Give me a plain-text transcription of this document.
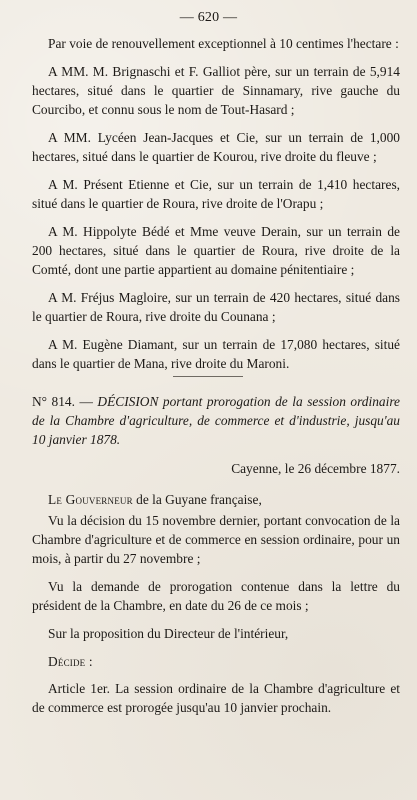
— 620 —

Par voie de renouvellement exceptionnel à 10 centimes l'hectare :

A MM. M. Brignaschi et F. Galliot père, sur un terrain de 5,914 hectares, situé dans le quartier de Sinnamary, rive gauche du Courcibo, et connu sous le nom de Tout-Hasard ;

A MM. Lycéen Jean-Jacques et Cie, sur un terrain de 1,000 hectares, situé dans le quartier de Kourou, rive droite du fleuve ;

A M. Présent Etienne et Cie, sur un terrain de 1,410 hectares, situé dans le quartier de Roura, rive droite de l'Orapu ;

A M. Hippolyte Bédé et Mme veuve Derain, sur un terrain de 200 hectares, situé dans le quartier de Roura, rive droite de la Comté, dont une partie appartient au domaine pénitentiaire ;

A M. Fréjus Magloire, sur un terrain de 420 hectares, situé dans le quartier de Roura, rive droite du Counana ;

A M. Eugène Diamant, sur un terrain de 17,080 hectares, situé dans le quartier de Mana, rive droite du Maroni.

N° 814. — DÉCISION portant prorogation de la session ordinaire de la Chambre d'agriculture, de commerce et d'industrie, jusqu'au 10 janvier 1878.

Cayenne, le 26 décembre 1877.

Le Gouverneur de la Guyane française,

Vu la décision du 15 novembre dernier, portant convocation de la Chambre d'agriculture et de commerce en session ordinaire, pour un mois, à partir du 27 novembre ;

Vu la demande de prorogation contenue dans la lettre du président de la Chambre, en date du 26 de ce mois ;

Sur la proposition du Directeur de l'intérieur,

Décide :

Article 1er. La session ordinaire de la Chambre d'agriculture et de commerce est prorogée jusqu'au 10 janvier prochain.
